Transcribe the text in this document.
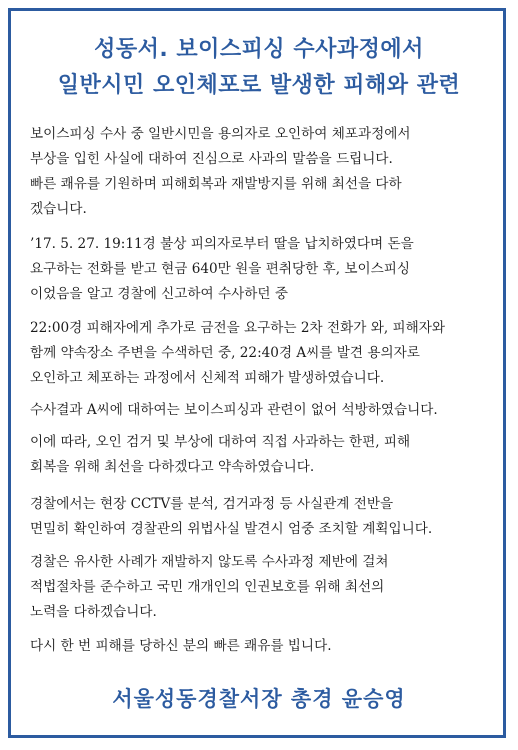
성동서. 보이스피싱 수사과정에서
일반시민 오인체포로 발생한 피해와 관련

보이스피싱 수사 중 일반시민을 용의자로 오인하여 체포과정에서
부상을 입힌 사실에 대하여 진심으로 사과의 말씀을 드립니다.
빠른 쾌유를 기원하며 피해회복과 재발방지를 위해 최선을 다하
겠습니다.

’17. 5. 27. 19:11경 불상 피의자로부터 딸을 납치하였다며 돈을
요구하는 전화를 받고 현금 640만 원을 편취당한 후, 보이스피싱
이었음을 알고 경찰에 신고하여 수사하던 중

22:00경 피해자에게 추가로 금전을 요구하는 2차 전화가 와, 피해자와
함께 약속장소 주변을 수색하던 중, 22:40경 A씨를 발견 용의자로
오인하고 체포하는 과정에서 신체적 피해가 발생하였습니다.

수사결과 A씨에 대하여는 보이스피싱과 관련이 없어 석방하였습니다.

이에 따라, 오인 검거 및 부상에 대하여 직접 사과하는 한편, 피해
회복을 위해 최선을 다하겠다고 약속하였습니다.

경찰에서는 현장 CCTV를 분석, 검거과정 등 사실관계 전반을
면밀히 확인하여 경찰관의 위법사실 발견시 엄중 조치할 계획입니다.

경찰은 유사한 사례가 재발하지 않도록 수사과정 제반에 걸쳐
적법절차를 준수하고 국민 개개인의 인권보호를 위해 최선의
노력을 다하겠습니다.

다시 한 번 피해를 당하신 분의 빠른 쾌유를 빕니다.

서울성동경찰서장 총경 윤승영
